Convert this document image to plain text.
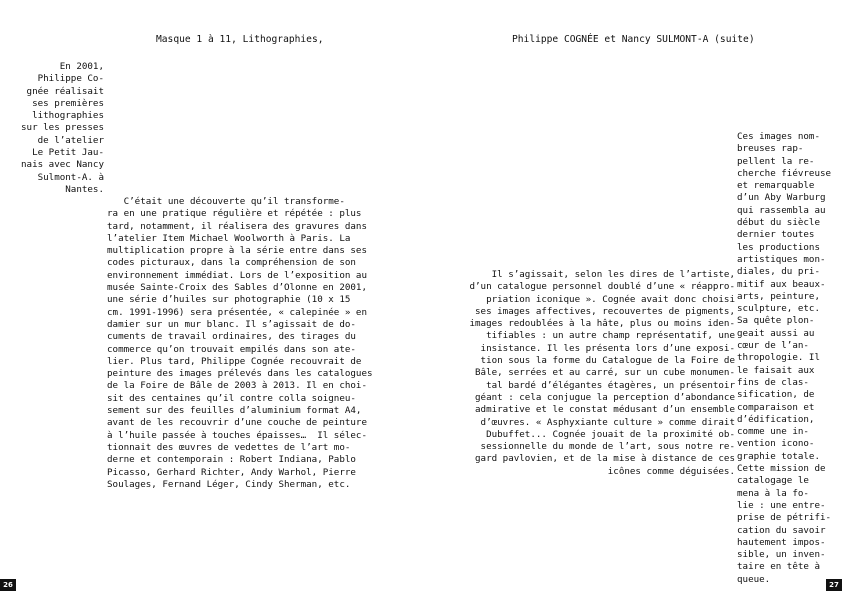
Masque 1 à 11, Lithographies,

En 2001,
Philippe Co-
gnée réalisait
ses premières
lithographies
sur les presses
de l’atelier
Le Petit Jau-
nais avec Nancy
Sulmont-A. à
Nantes.

C’était une découverte qu’il transforme-
ra en une pratique régulière et répétée : plus
tard, notamment, il réalisera des gravures dans
l’atelier Item Michael Woolworth à Paris. La
multiplication propre à la série entre dans ses
codes picturaux, dans la compréhension de son
environnement immédiat. Lors de l’exposition au
musée Sainte-Croix des Sables d’Olonne en 2001,
une série d’huiles sur photographie (10 x 15
cm. 1991-1996) sera présentée, « calepinée » en
damier sur un mur blanc. Il s’agissait de do-
cuments de travail ordinaires, des tirages du
commerce qu’on trouvait empilés dans son ate-
lier. Plus tard, Philippe Cognée recouvrait de
peinture des images prélevés dans les catalogues
de la Foire de Bâle de 2003 à 2013. Il en choi-
sit des centaines qu’il contre colla soigneu-
sement sur des feuilles d’aluminium format A4,
avant de les recouvrir d’une couche de peinture
à l’huile passée à touches épaisses…  Il sélec-
tionnait des œuvres de vedettes de l’art mo-
derne et contemporain : Robert Indiana, Pablo
Picasso, Gerhard Richter, Andy Warhol, Pierre
Soulages, Fernand Léger, Cindy Sherman, etc.

26
Philippe COGNÉE et Nancy SULMONT-A (suite)

Il s’agissait, selon les dires de l’artiste,
d’un catalogue personnel doublé d’une « réappro-
priation iconique ». Cognée avait donc choisi
ses images affectives, recouvertes de pigments,
images redoublées à la hâte, plus ou moins iden-
tifiables : un autre champ représentatif, une
insistance. Il les présenta lors d’une exposi-
tion sous la forme du Catalogue de la Foire de
Bâle, serrées et au carré, sur un cube monumen-
tal bardé d’élégantes étagères, un présentoir
géant : cela conjugue la perception d’abondance
admirative et le constat médusant d’un ensemble
d’œuvres. « Asphyxiante culture » comme dirait
Dubuffet... Cognée jouait de la proximité ob-
sessionnelle du monde de l’art, sous notre re-
gard pavlovien, et de la mise à distance de ces
icônes comme déguisées.

Ces images nom-
breuses rap-
pellent la re-
cherche fiévreuse
et remarquable
d’un Aby Warburg
qui rassembla au
début du siècle
dernier toutes
les productions
artistiques mon-
diales, du pri-
mitif aux beaux-
arts, peinture,
sculpture, etc.
Sa quête plon-
geait aussi au
cœur de l’an-
thropologie. Il
le faisait aux
fins de clas-
sification, de
comparaison et
d’édification,
comme une in-
vention icono-
graphie totale.
Cette mission de
catalogage le
mena à la fo-
lie : une entre-
prise de pétrifi-
cation du savoir
hautement impos-
sible, un inven-
taire en tête à
queue.

27
